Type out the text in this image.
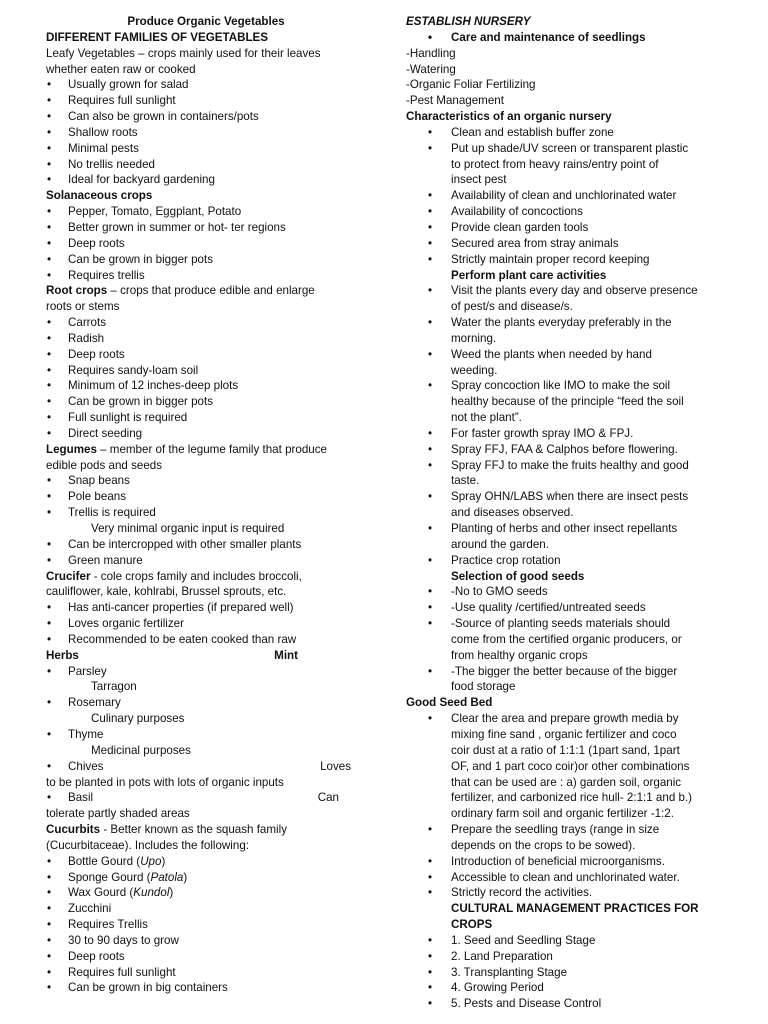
Produce Organic Vegetables
DIFFERENT FAMILIES OF VEGETABLES
Leafy Vegetables – crops mainly used for their leaves
whether eaten raw or cooked
• Usually grown for salad
• Requires full sunlight
• Can also be grown in containers/pots
• Shallow roots
• Minimal pests
• No trellis needed
• Ideal for backyard gardening
Solanaceous crops
• Pepper, Tomato, Eggplant, Potato
• Better grown in summer or hot- ter regions
• Deep roots
• Can be grown in bigger pots
• Requires trellis
Root crops – crops that produce edible and enlarge
roots or stems
• Carrots
• Radish
• Deep roots
• Requires sandy-loam soil
• Minimum of 12 inches-deep plots
• Can be grown in bigger pots
• Full sunlight is required
• Direct seeding
Legumes – member of the legume family that produce
edible pods and seeds
• Snap beans
• Pole beans
• Trellis is required
Very minimal organic input is required
• Can be intercropped with other smaller plants
• Green manure
Crucifer - cole crops family and includes broccoli,
cauliflower, kale, kohlrabi, Brussel sprouts, etc.
• Has anti-cancer properties (if prepared well)
• Loves organic fertilizer
• Recommended to be eaten cooked than raw
Herbs	Mint
• Parsley
Tarragon
• Rosemary
Culinary purposes
• Thyme
Medicinal purposes
• Chives	Loves
to be planted in pots with lots of organic inputs
• Basil	Can
tolerate partly shaded areas
Cucurbits - Better known as the squash family
(Cucurbitaceae). Includes the following:
• Bottle Gourd (Upo)
• Sponge Gourd (Patola)
• Wax Gourd (Kundol)
• Zucchini
• Requires Trellis
• 30 to 90 days to grow
• Deep roots
• Requires full sunlight
• Can be grown in big containers
ESTABLISH NURSERY
• Care and maintenance of seedlings
-Handling
-Watering
-Organic Foliar Fertilizing
-Pest Management
Characteristics of an organic nursery
• Clean and establish buffer zone
• Put up shade/UV screen or transparent plastic
to protect from heavy rains/entry point of
insect pest
• Availability of clean and unchlorinated water
• Availability of concoctions
• Provide clean garden tools
• Secured area from stray animals
• Strictly maintain proper record keeping
Perform plant care activities
• Visit the plants every day and observe presence
of pest/s and disease/s.
• Water the plants everyday preferably in the
morning.
• Weed the plants when needed by hand
weeding.
• Spray concoction like IMO to make the soil
healthy because of the principle “feed the soil
not the plant”.
• For faster growth spray IMO & FPJ.
• Spray FFJ, FAA & Calphos before flowering.
• Spray FFJ to make the fruits healthy and good
taste.
• Spray OHN/LABS when there are insect pests
and diseases observed.
• Planting of herbs and other insect repellants
around the garden.
• Practice crop rotation
Selection of good seeds
• -No to GMO seeds
• -Use quality /certified/untreated seeds
• -Source of planting seeds materials should
come from the certified organic producers, or
from healthy organic crops
• -The bigger the better because of the bigger
food storage
Good Seed Bed
• Clear the area and prepare growth media by
mixing fine sand , organic fertilizer and coco
coir dust at a ratio of 1:1:1 (1part sand, 1part
OF, and 1 part coco coir)or other combinations
that can be used are : a) garden soil, organic
fertilizer, and carbonized rice hull- 2:1:1 and b.)
ordinary farm soil and organic fertilizer -1:2.
• Prepare the seedling trays (range in size
depends on the crops to be sowed).
• Introduction of beneficial microorganisms.
• Accessible to clean and unchlorinated water.
• Strictly record the activities.
CULTURAL MANAGEMENT PRACTICES FOR
CROPS
• 1. Seed and Seedling Stage
• 2. Land Preparation
• 3. Transplanting Stage
• 4. Growing Period
• 5. Pests and Disease Control
